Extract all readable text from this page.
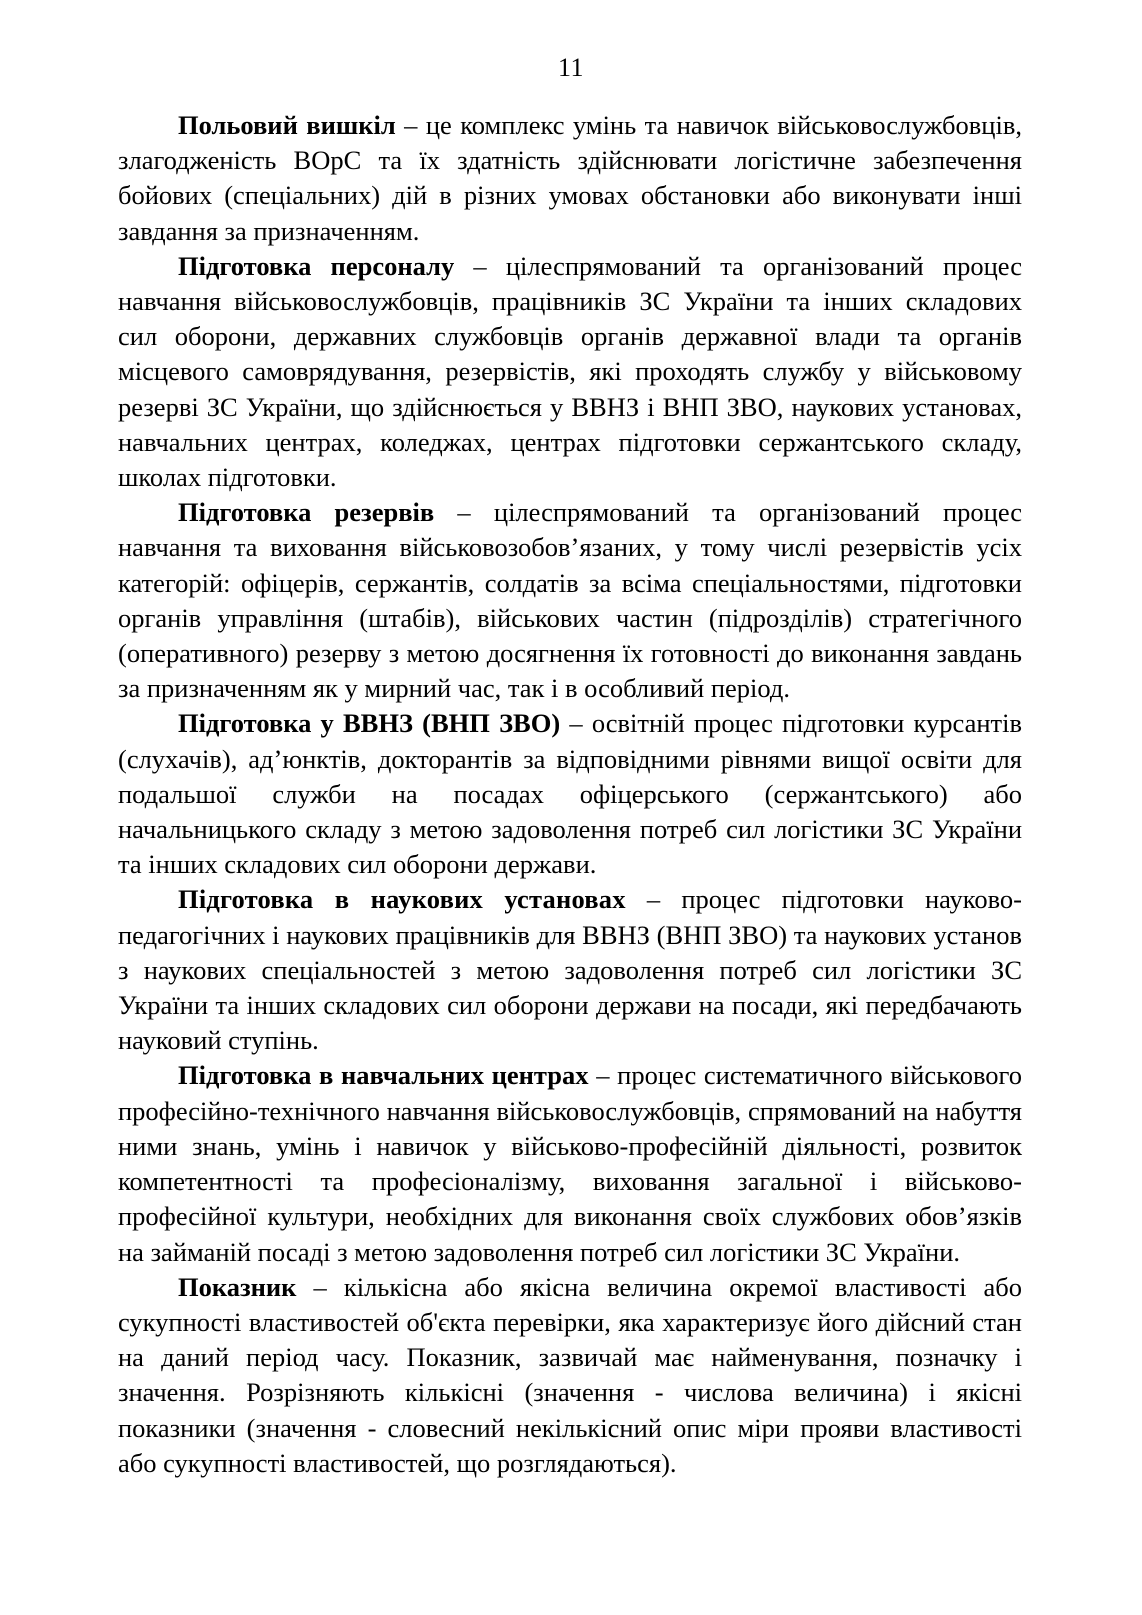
11

Польовий вишкіл – це комплекс умінь та навичок військовослужбовців, злагодженість ВОрС та їх здатність здійснювати логістичне забезпечення бойових (спеціальних) дій в різних умовах обстановки або виконувати інші завдання за призначенням.

Підготовка персоналу – цілеспрямований та організований процес навчання військовослужбовців, працівників ЗС України та інших складових сил оборони, державних службовців органів державної влади та органів місцевого самоврядування, резервістів, які проходять службу у військовому резерві ЗС України, що здійснюється у ВВНЗ і ВНП ЗВО, наукових установах, навчальних центрах, коледжах, центрах підготовки сержантського складу, школах підготовки.

Підготовка резервів – цілеспрямований та організований процес навчання та виховання військовозобов’язаних, у тому числі резервістів усіх категорій: офіцерів, сержантів, солдатів за всіма спеціальностями, підготовки органів управління (штабів), військових частин (підрозділів) стратегічного (оперативного) резерву з метою досягнення їх готовності до виконання завдань за призначенням як у мирний час, так і в особливий період.

Підготовка у ВВНЗ (ВНП ЗВО) – освітній процес підготовки курсантів (слухачів), ад’юнктів, докторантів за відповідними рівнями вищої освіти для подальшої служби на посадах офіцерського (сержантського) або начальницького складу з метою задоволення потреб сил логістики ЗС України та інших складових сил оборони держави.

Підготовка в наукових установах – процес підготовки науково-педагогічних і наукових працівників для ВВНЗ (ВНП ЗВО) та наукових установ з наукових спеціальностей з метою задоволення потреб сил логістики ЗС України та інших складових сил оборони держави на посади, які передбачають науковий ступінь.

Підготовка в навчальних центрах – процес систематичного військового професійно-технічного навчання військовослужбовців, спрямований на набуття ними знань, умінь і навичок у військово-професійній діяльності, розвиток компетентності та професіоналізму, виховання загальної і військово-професійної культури, необхідних для виконання своїх службових обов’язків на займаній посаді з метою задоволення потреб сил логістики ЗС України.

Показник – кількісна або якісна величина окремої властивості або сукупності властивостей об'єкта перевірки, яка характеризує його дійсний стан на даний період часу. Показник, зазвичай має найменування, позначку і значення. Розрізняють кількісні (значення - числова величина) і якісні показники (значення - словесний некількісний опис міри прояви властивості або сукупності властивостей, що розглядаються).
